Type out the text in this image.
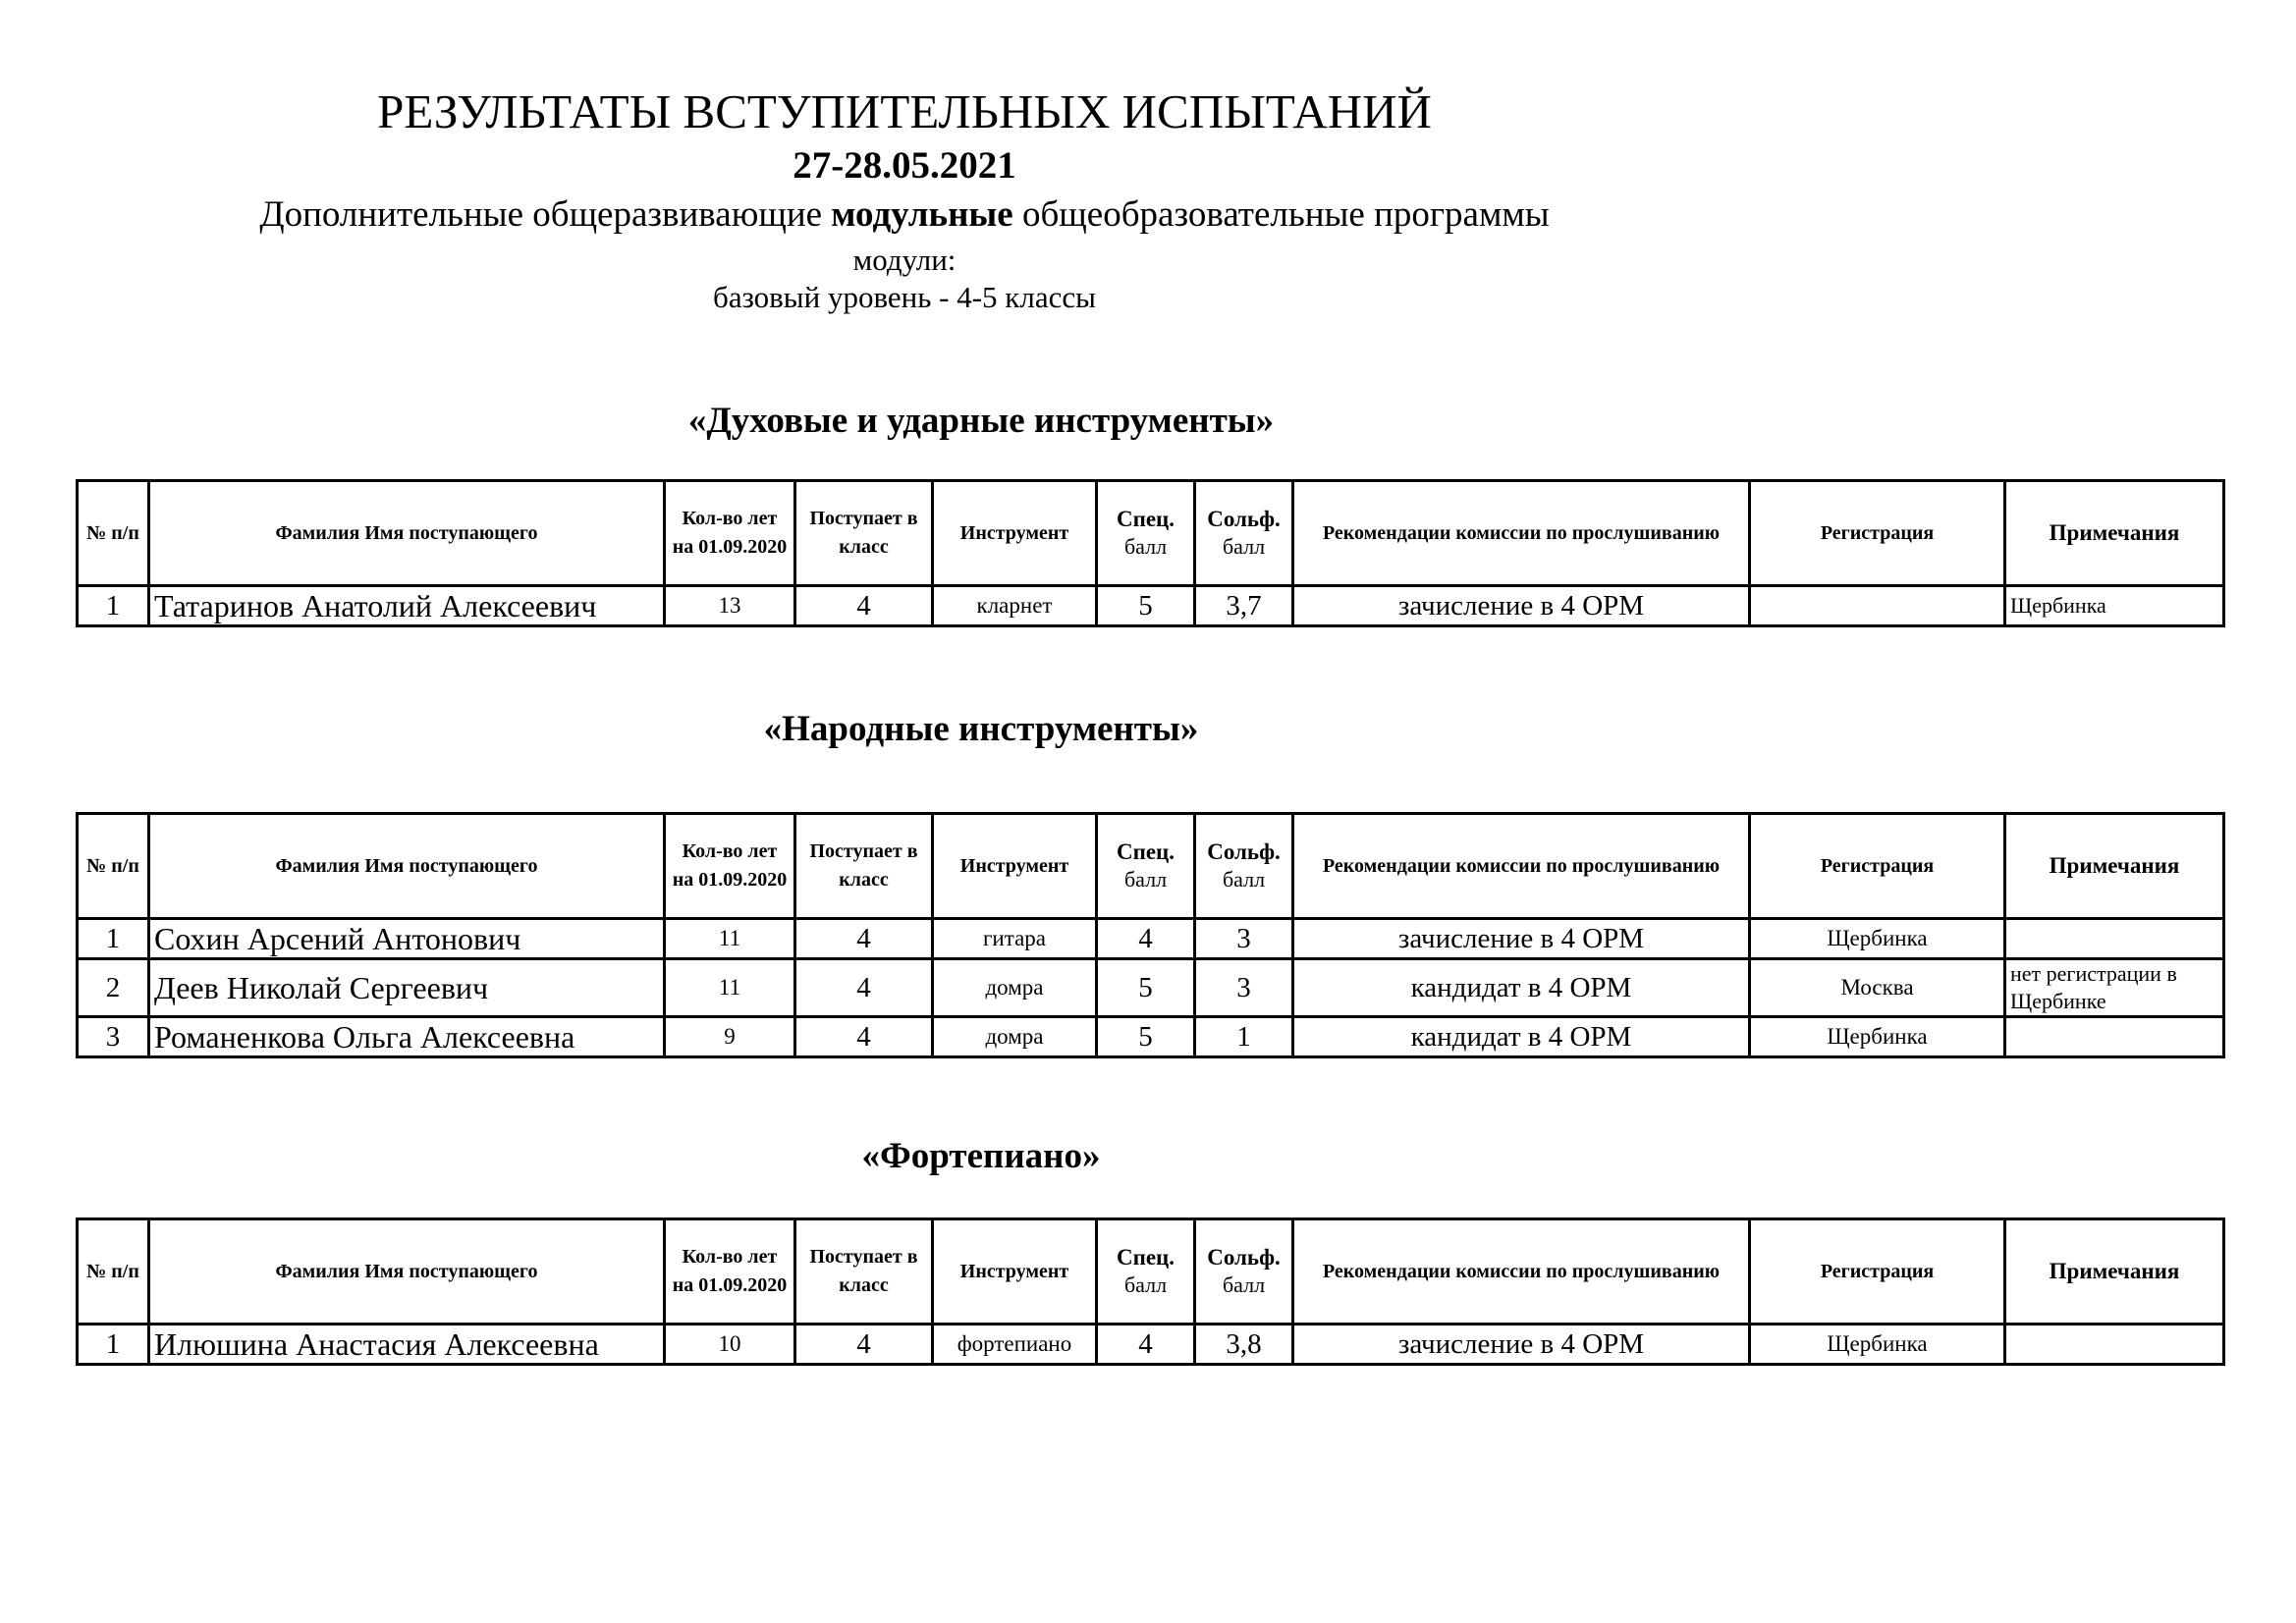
РЕЗУЛЬТАТЫ ВСТУПИТЕЛЬНЫХ ИСПЫТАНИЙ
27-28.05.2021
Дополнительные общеразвивающие модульные общеобразовательные программы
модули:
базовый уровень - 4-5 классы
«Духовые и ударные инструменты»
«Народные инструменты»
«Фортепиано»
№ п/п	Фамилия Имя поступающего	Кол-во лет на 01.09.2020	Поступает в класс	Инструмент	Спец.
балл	Сольф.
балл	Рекомендации комиссии по прослушиванию	Регистрация	Примечания
1	Татаринов Анатолий Алексеевич	13	4	кларнет	5	3,7	зачисление в 4 ОРМ		Щербинка
№ п/п	Фамилия Имя поступающего	Кол-во лет на 01.09.2020	Поступает в класс	Инструмент	Спец.
балл	Сольф.
балл	Рекомендации комиссии по прослушиванию	Регистрация	Примечания
1	Сохин Арсений Антонович	11	4	гитара	4	3	зачисление в 4 ОРМ	Щербинка	
2	Деев Николай Сергеевич	11	4	домра	5	3	кандидат в 4 ОРМ	Москва	нет регистрации в Щербинке
3	Романенкова Ольга Алексеевна	9	4	домра	5	1	кандидат в 4 ОРМ	Щербинка	
№ п/п	Фамилия Имя поступающего	Кол-во лет на 01.09.2020	Поступает в класс	Инструмент	Спец.
балл	Сольф.
балл	Рекомендации комиссии по прослушиванию	Регистрация	Примечания
1	Илюшина Анастасия Алексеевна	10	4	фортепиано	4	3,8	зачисление в 4 ОРМ	Щербинка	
